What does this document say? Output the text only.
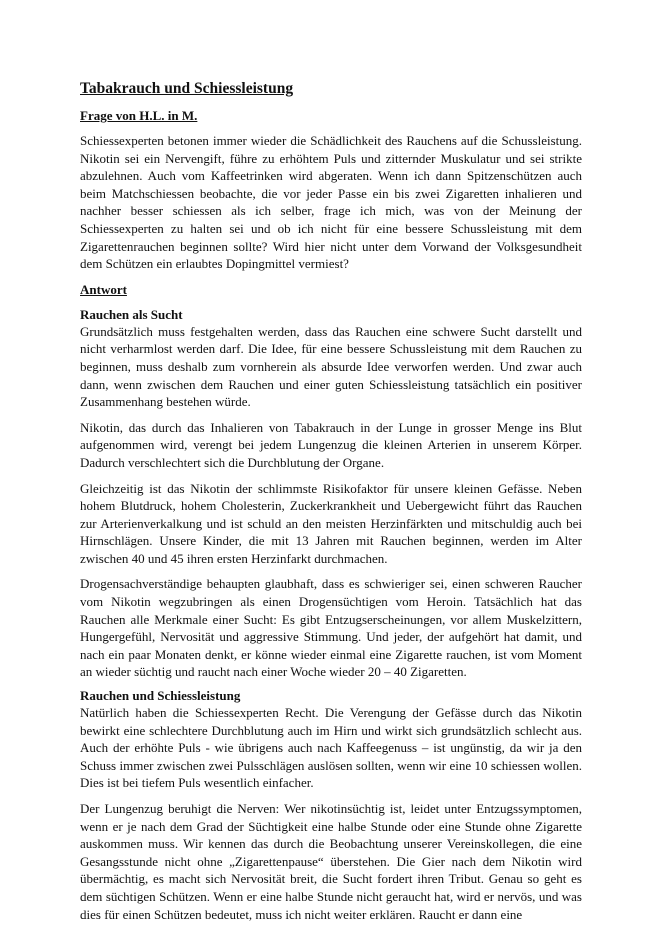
Tabakrauch und Schiessleistung
Frage von H.L. in M.

Schiessexperten betonen immer wieder die Schädlichkeit des Rauchens auf die Schussleistung. Nikotin sei ein Nervengift, führe zu erhöhtem Puls und zitternder Muskulatur und sei strikte abzulehnen. Auch vom Kaffeetrinken wird abgeraten. Wenn ich dann Spitzenschützen auch beim Matchschiessen beobachte, die vor jeder Passe ein bis zwei Zigaretten inhalieren und nachher besser schiessen als ich selber, frage ich mich, was von der Meinung der Schiessexperten zu halten sei und ob ich nicht für eine bessere Schussleistung mit dem Zigarettenrauchen beginnen sollte? Wird hier nicht unter dem Vorwand der Volksgesundheit dem Schützen ein erlaubtes Dopingmittel vermiest?

Antwort
Rauchen als Sucht

Grundsätzlich muss festgehalten werden, dass das Rauchen eine schwere Sucht darstellt und nicht verharmlost werden darf. Die Idee, für eine bessere Schussleistung mit dem Rauchen zu beginnen, muss deshalb zum vornherein als absurde Idee verworfen werden. Und zwar auch dann, wenn zwischen dem Rauchen und einer guten Schiessleistung tatsächlich ein positiver Zusammenhang bestehen würde.

Nikotin, das durch das Inhalieren von Tabakrauch in der Lunge in grosser Menge ins Blut aufgenommen wird, verengt bei jedem Lungenzug die kleinen Arterien in unserem Körper. Dadurch verschlechtert sich die Durchblutung der Organe.

Gleichzeitig ist das Nikotin der schlimmste Risikofaktor für unsere kleinen Gefässe. Neben hohem Blutdruck, hohem Cholesterin, Zuckerkrankheit und Uebergewicht führt das Rauchen zur Arterienverkalkung und ist schuld an den meisten Herzinfärkten und mitschuldig auch bei Hirnschlägen. Unsere Kinder, die mit 13 Jahren mit Rauchen beginnen, werden im Alter zwischen 40 und 45 ihren ersten Herzinfarkt durchmachen.

Drogensachverständige behaupten glaubhaft, dass es schwieriger sei, einen schweren Raucher vom Nikotin wegzubringen als einen Drogensüchtigen vom Heroin. Tatsächlich hat das Rauchen alle Merkmale einer Sucht: Es gibt Entzugserscheinungen, vor allem Muskelzittern, Hungergefühl, Nervosität und aggressive Stimmung. Und jeder, der aufgehört hat damit, und nach ein paar Monaten denkt, er könne wieder einmal eine Zigarette rauchen, ist vom Moment an wieder süchtig und raucht nach einer Woche wieder 20 – 40 Zigaretten.

Rauchen und Schiessleistung

Natürlich haben die Schiessexperten Recht. Die Verengung der Gefässe durch das Nikotin bewirkt eine schlechtere Durchblutung auch im Hirn und wirkt sich grundsätzlich schlecht aus. Auch der erhöhte Puls - wie übrigens auch nach Kaffeegenuss – ist ungünstig, da wir ja den Schuss immer zwischen zwei Pulsschlägen auslösen sollten, wenn wir eine 10 schiessen wollen. Dies ist bei tiefem Puls wesentlich einfacher.

Der Lungenzug beruhigt die Nerven: Wer nikotinsüchtig ist, leidet unter Entzugssymptomen, wenn er je nach dem Grad der Süchtigkeit eine halbe Stunde oder eine Stunde ohne Zigarette auskommen muss. Wir kennen das durch die Beobachtung unserer Vereinskollegen, die eine Gesangsstunde nicht ohne „Zigarettenpause“ überstehen. Die Gier nach dem Nikotin wird übermächtig, es macht sich Nervosität breit, die Sucht fordert ihren Tribut. Genau so geht es dem süchtigen Schützen. Wenn er eine halbe Stunde nicht geraucht hat, wird er nervös, und was dies für einen Schützen bedeutet, muss ich nicht weiter erklären. Raucht er dann eine
